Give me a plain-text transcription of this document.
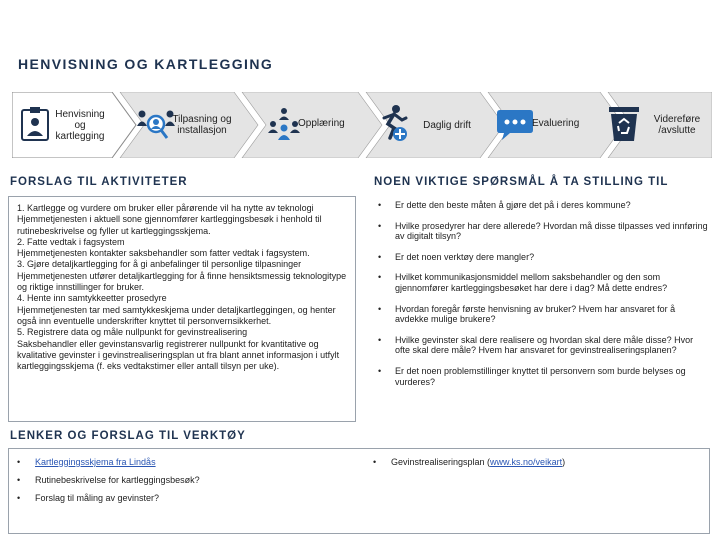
HENVISNING OG KARTLEGGING
Henvisning og kartlegging
Tilpasning og installasjon
Opplæring	Daglig drift	Evaluering	Videreføre /avslutte
FORSLAG TIL AKTIVITETER

1. Kartlegge og vurdere om bruker eller pårørende vil ha nytte av teknologi

Hjemmetjenesten i aktuell sone gjennomfører kartleggingsbesøk i henhold til rutinebeskrivelse og fyller ut kartleggingsskjema.

2. Fatte vedtak i fagsystem

Hjemmetjenesten kontakter saksbehandler som fatter vedtak i fagsystem.

3. Gjøre detaljkartlegging for å gi anbefalinger til personlige tilpasninger

Hjemmetjenesten utfører detaljkartlegging for å finne hensiktsmessig teknologitype og riktige innstillinger for bruker.

4. Hente inn samtykkeetter prosedyre

Hjemmetjenesten tar med samtykkeskjema under detaljkartleggingen, og henter også inn eventuelle underskrifter knyttet til personvernsikkerhet.

5. Registrere data og måle nullpunkt for gevinstrealisering

Saksbehandler eller gevinstansvarlig registrerer nullpunkt for kvantitative og kvalitative gevinster i gevinstrealiseringsplan ut fra blant annet informasjon i utfylt kartleggingsskjema (f. eks vedtakstimer eller antall tilsyn per uke).

NOEN VIKTIGE SPØRSMÅL Å TA STILLING TIL
• Er dette den beste måten å gjøre det på i deres kommune?
• Hvilke prosedyrer har dere allerede? Hvordan må disse tilpasses ved innføring av digitalt tilsyn?
• Er det noen verktøy dere mangler?
• Hvilket kommunikasjonsmiddel mellom saksbehandler og den som gjennomfører kartleggingsbesøket har dere i dag? Må dette endres?
• Hvordan foregår første henvisning av bruker? Hvem har ansvaret for å avdekke mulige brukere?
• Hvilke gevinster skal dere realisere og hvordan skal dere måle disse? Hvor ofte skal dere måle? Hvem har ansvaret for gevinstrealiseringsplanen?
• Er det noen problemstillinger knyttet til personvern som burde belyses og vurderes?
LENKER OG FORSLAG TIL VERKTØY
• Kartleggingsskjema fra Lindås
• Rutinebeskrivelse for kartleggingsbesøk?
• Forslag til måling av gevinster?
• Gevinstrealiseringsplan (www.ks.no/veikart)
